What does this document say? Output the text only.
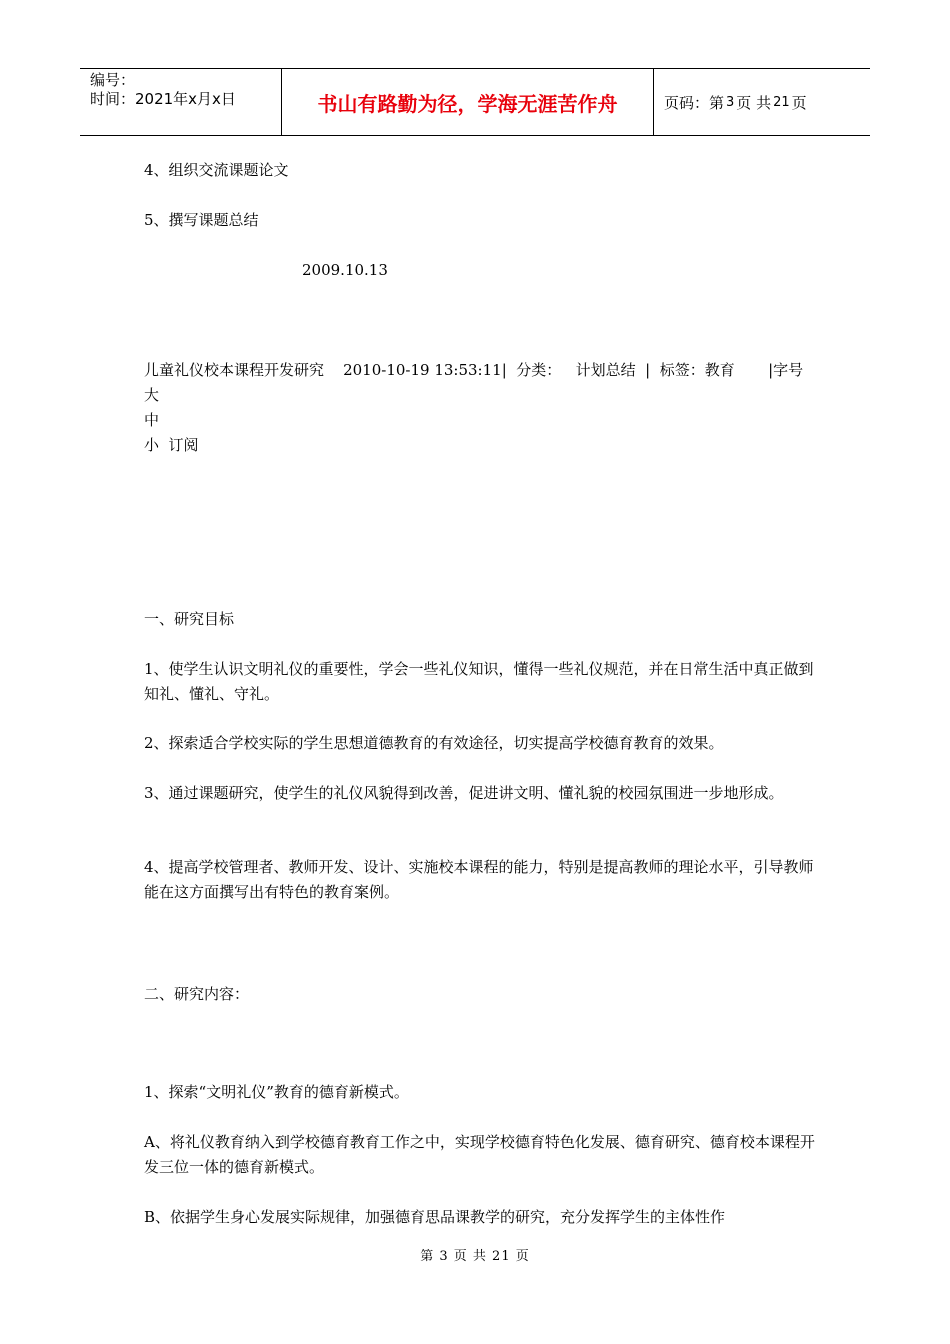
编号：
时间：2021年x月x日	书山有路勤为径，学海无涯苦作舟	页码：第 3 页 共 21 页

4、组织交流课题论文

5、撰写课题总结

2009.10.13

儿童礼仪校本课程开发研究    2010-10-19 13:53:11|  分类：   计划总结  |  标签：教育       |字号

大

中

小  订阅

一、研究目标

1、使学生认识文明礼仪的重要性，学会一些礼仪知识，懂得一些礼仪规范，并在日常生活中真正做到知礼、懂礼、守礼。

2、探索适合学校实际的学生思想道德教育的有效途径，切实提高学校德育教育的效果。

3、通过课题研究，使学生的礼仪风貌得到改善，促进讲文明、懂礼貌的校园氛围进一步地形成。

4、提高学校管理者、教师开发、设计、实施校本课程的能力，特别是提高教师的理论水平，引导教师能在这方面撰写出有特色的教育案例。

二、研究内容：

1、探索“文明礼仪”教育的德育新模式。

A、将礼仪教育纳入到学校德育教育工作之中，实现学校德育特色化发展、德育研究、德育校本课程开发三位一体的德育新模式。

B、依据学生身心发展实际规律，加强德育思品课教学的研究，充分发挥学生的主体性作

第 3 页 共 21 页
